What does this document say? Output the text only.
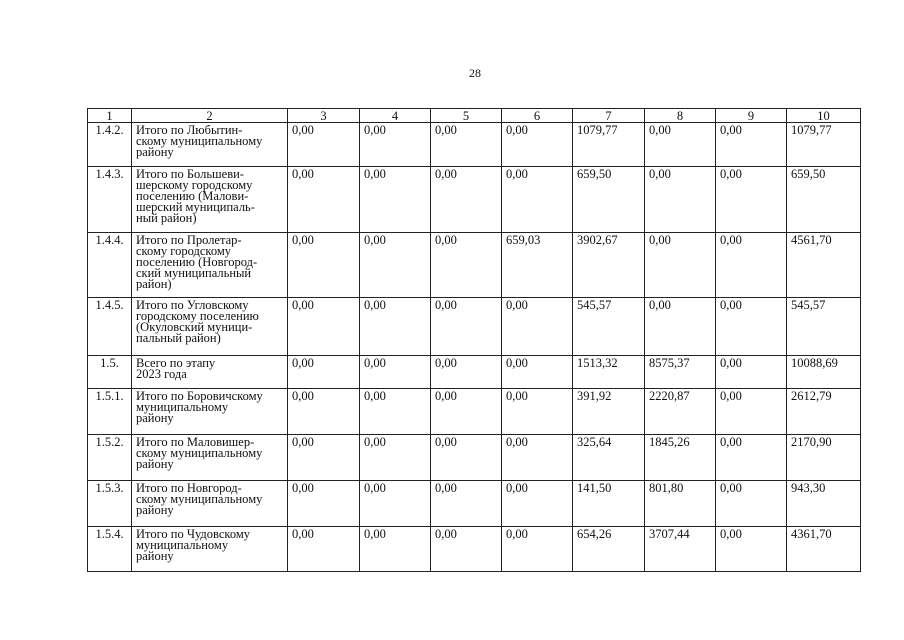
28
1	2	3	4	5	6	7	8	9	10
1.4.2.	Итого по Любытин-
скому муниципальному
району	0,00	0,00	0,00	0,00	1079,77	0,00	0,00	1079,77
1.4.3.	Итого по Большеви-
шерскому городскому
поселению (Малови-
шерский муниципаль-
ный район)	0,00	0,00	0,00	0,00	659,50	0,00	0,00	659,50
1.4.4.	Итого по Пролетар-
скому городскому
поселению (Новгород-
ский муниципальный
район)	0,00	0,00	0,00	659,03	3902,67	0,00	0,00	4561,70
1.4.5.	Итого по Угловскому
городскому поселению
(Окуловский муници-
пальный район)	0,00	0,00	0,00	0,00	545,57	0,00	0,00	545,57
1.5.	Всего по этапу
2023 года	0,00	0,00	0,00	0,00	1513,32	8575,37	0,00	10088,69
1.5.1.	Итого по Боровичскому
муниципальному
району	0,00	0,00	0,00	0,00	391,92	2220,87	0,00	2612,79
1.5.2.	Итого по Маловишер-
скому муниципальному
району	0,00	0,00	0,00	0,00	325,64	1845,26	0,00	2170,90
1.5.3.	Итого по Новгород-
скому муниципальному
району	0,00	0,00	0,00	0,00	141,50	801,80	0,00	943,30
1.5.4.	Итого по Чудовскому
муниципальному
району	0,00	0,00	0,00	0,00	654,26	3707,44	0,00	4361,70
